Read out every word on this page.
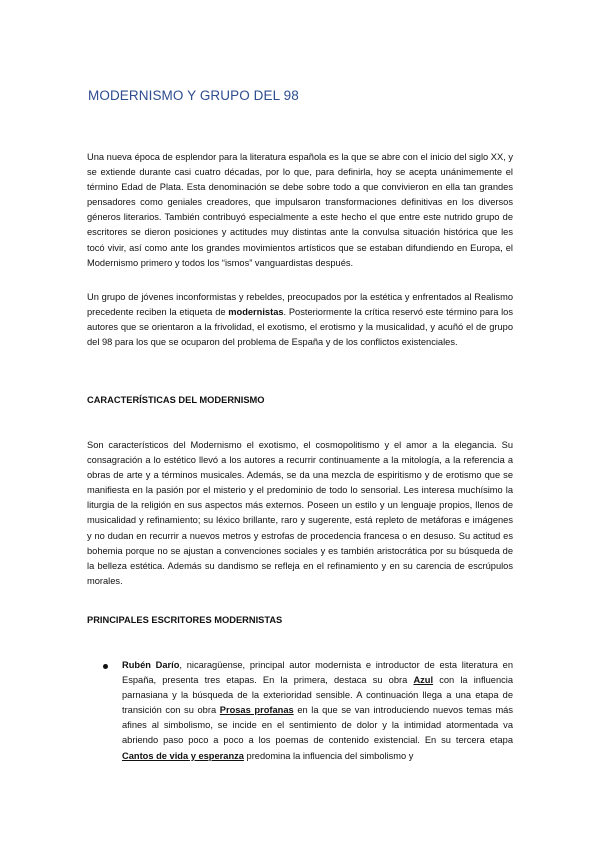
MODERNISMO Y GRUPO DEL 98

Una nueva época de esplendor para la literatura española es la que se abre con el inicio del siglo XX, y se extiende durante casi cuatro décadas, por lo que, para definirla, hoy se acepta unánimemente el término Edad de Plata. Esta denominación se debe sobre todo a que convivieron en ella tan grandes pensadores como geniales creadores, que impulsaron transformaciones definitivas en los diversos géneros literarios. También contribuyó especialmente a este hecho el que entre este nutrido grupo de escritores se dieron posiciones y actitudes muy distintas ante la convulsa situación histórica que les tocó vivir, así como ante los grandes movimientos artísticos que se estaban difundiendo en Europa, el Modernismo primero y todos los “ismos” vanguardistas después.

Un grupo de jóvenes inconformistas y rebeldes, preocupados por la estética y enfrentados al Realismo precedente reciben la etiqueta de modernistas. Posteriormente la crítica reservó este término para los autores que se orientaron a la frivolidad, el exotismo, el erotismo y la musicalidad, y acuñó el de grupo del 98 para los que se ocuparon del problema de España y de los conflictos existenciales.

CARACTERÍSTICAS DEL MODERNISMO

Son característicos del Modernismo el exotismo, el cosmopolitismo y el amor a la elegancia. Su consagración a lo estético llevó a los autores a recurrir continuamente a la mitología, a la referencia a obras de arte y a términos musicales. Además, se da una mezcla de espiritismo y de erotismo que se manifiesta en la pasión por el misterio y el predominio de todo lo sensorial. Les interesa muchísimo la liturgia de la religión en sus aspectos más externos. Poseen un estilo y un lenguaje propios, llenos de musicalidad y refinamiento; su léxico brillante, raro y sugerente, está repleto de metáforas e imágenes y no dudan en recurrir a nuevos metros y estrofas de procedencia francesa o en desuso. Su actitud es bohemia porque no se ajustan a convenciones sociales y es también aristocrática por su búsqueda de la belleza estética. Además su dandismo se refleja en el refinamiento y en su carencia de escrúpulos morales.

PRINCIPALES ESCRITORES MODERNISTAS

Rubén Darío, nicaragüense, principal autor modernista e introductor de esta literatura en España, presenta tres etapas. En la primera, destaca su obra Azul con la influencia parnasiana y la búsqueda de la exterioridad sensible. A continuación llega a una etapa de transición con su obra Prosas profanas en la que se van introduciendo nuevos temas más afines al simbolismo, se incide en el sentimiento de dolor y la intimidad atormentada va abriendo paso poco a poco a los poemas de contenido existencial. En su tercera etapa Cantos de vida y esperanza predomina la influencia del simbolismo y
